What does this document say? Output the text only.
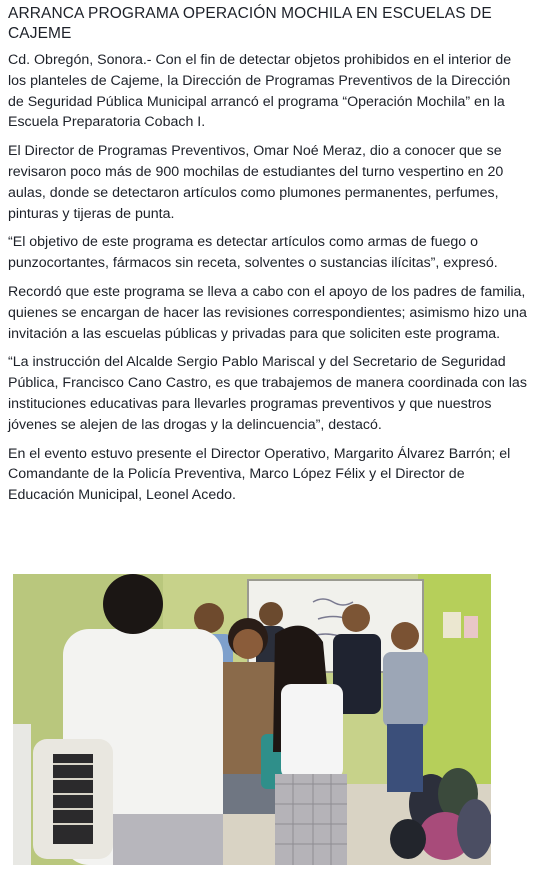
ARRANCA PROGRAMA OPERACIÓN MOCHILA EN ESCUELAS DE CAJEME

Cd. Obregón, Sonora.- Con el fin de detectar objetos prohibidos en el interior de los planteles de Cajeme, la Dirección de Programas Preventivos de la Dirección de Seguridad Pública Municipal arrancó el programa “Operación Mochila” en la Escuela Preparatoria Cobach I.

El Director de Programas Preventivos, Omar Noé Meraz, dio a conocer que se revisaron poco más de 900 mochilas de estudiantes del turno vespertino en 20 aulas, donde se detectaron artículos como plumones permanentes, perfumes, pinturas y tijeras de punta.

“El objetivo de este programa es detectar artículos como armas de fuego o punzocortantes, fármacos sin receta, solventes o sustancias ilícitas”, expresó.

Recordó que este programa se lleva a cabo con el apoyo de los padres de familia, quienes se encargan de hacer las revisiones correspondientes; asimismo hizo una invitación a las escuelas públicas y privadas para que soliciten este programa.

“La instrucción del Alcalde Sergio Pablo Mariscal y del Secretario de Seguridad Pública, Francisco Cano Castro, es que trabajemos de manera coordinada con las instituciones educativas para llevarles programas preventivos y que nuestros jóvenes se alejen de las drogas y la delincuencia”, destacó.

En el evento estuvo presente el Director Operativo, Margarito Álvarez Barrón; el Comandante de la Policía Preventiva, Marco López Félix y el Director de Educación Municipal, Leonel Acedo.
